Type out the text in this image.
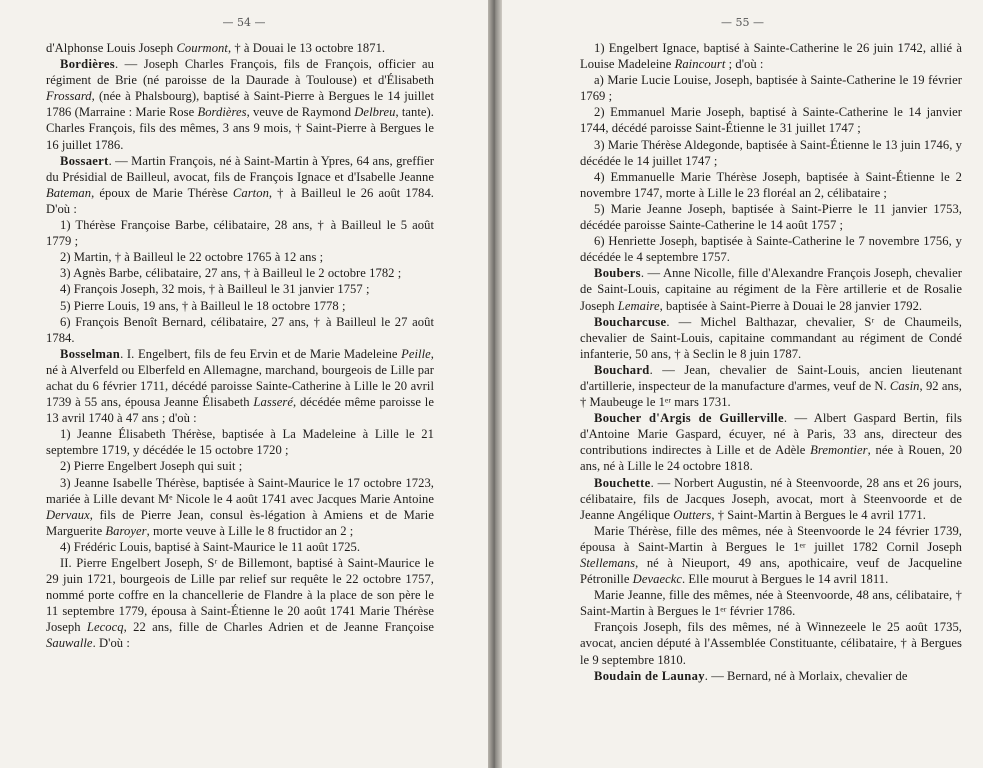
— 54 —

d'Alphonse Louis Joseph Courmont, † à Douai le 13 octobre 1871.

Bordières. — Joseph Charles François, fils de François, officier au régiment de Brie (né paroisse de la Daurade à Toulouse) et d'Élisabeth Frossard, (née à Phalsbourg), baptisé à Saint-Pierre à Bergues le 14 juillet 1786 (Marraine : Marie Rose Bordières, veuve de Raymond Delbreu, tante). Charles François, fils des mêmes, 3 ans 9 mois, † Saint-Pierre à Bergues le 16 juillet 1786.

Bossaert. — Martin François, né à Saint-Martin à Ypres, 64 ans, greffier du Présidial de Bailleul, avocat, fils de François Ignace et d'Isabelle Jeanne Bateman, époux de Marie Thérèse Carton, † à Bailleul le 26 août 1784. D'où :

1) Thérèse Françoise Barbe, célibataire, 28 ans, † à Bailleul le 5 août 1779 ;

2) Martin, † à Bailleul le 22 octobre 1765 à 12 ans ;

3) Agnès Barbe, célibataire, 27 ans, † à Bailleul le 2 octobre 1782 ;

4) François Joseph, 32 mois, † à Bailleul le 31 janvier 1757 ;

5) Pierre Louis, 19 ans, † à Bailleul le 18 octobre 1778 ;

6) François Benoît Bernard, célibataire, 27 ans, † à Bailleul le 27 août 1784.

Bosselman. I. Engelbert, fils de feu Ervin et de Marie Madeleine Peille, né à Alverfeld ou Elberfeld en Allemagne, marchand, bourgeois de Lille par achat du 6 février 1711, décédé paroisse Sainte-Catherine à Lille le 20 avril 1739 à 55 ans, épousa Jeanne Élisabeth Lasseré, décédée même paroisse le 13 avril 1740 à 47 ans ; d'où :

1) Jeanne Élisabeth Thérèse, baptisée à La Madeleine à Lille le 21 septembre 1719, y décédée le 15 octobre 1720 ;

2) Pierre Engelbert Joseph qui suit ;

3) Jeanne Isabelle Thérèse, baptisée à Saint-Maurice le 17 octobre 1723, mariée à Lille devant Mᵉ Nicole le 4 août 1741 avec Jacques Marie Antoine Dervaux, fils de Pierre Jean, consul ès-légation à Amiens et de Marie Marguerite Baroyer, morte veuve à Lille le 8 fructidor an 2 ;

4) Frédéric Louis, baptisé à Saint-Maurice le 11 août 1725.

II. Pierre Engelbert Joseph, Sʳ de Billemont, baptisé à Saint-Maurice le 29 juin 1721, bourgeois de Lille par relief sur requête le 22 octobre 1757, nommé porte coffre en la chancellerie de Flandre à la place de son père le 11 septembre 1779, épousa à Saint-Étienne le 20 août 1741 Marie Thérèse Joseph Lecocq, 22 ans, fille de Charles Adrien et de Jeanne Françoise Sauwalle. D'où :

— 55 —

1) Engelbert Ignace, baptisé à Sainte-Catherine le 26 juin 1742, allié à Louise Madeleine Raincourt ; d'où :

a) Marie Lucie Louise, Joseph, baptisée à Sainte-Catherine le 19 février 1769 ;

2) Emmanuel Marie Joseph, baptisé à Sainte-Catherine le 14 janvier 1744, décédé paroisse Saint-Étienne le 31 juillet 1747 ;

3) Marie Thérèse Aldegonde, baptisée à Saint-Étienne le 13 juin 1746, y décédée le 14 juillet 1747 ;

4) Emmanuelle Marie Thérèse Joseph, baptisée à Saint-Étienne le 2 novembre 1747, morte à Lille le 23 floréal an 2, célibataire ;

5) Marie Jeanne Joseph, baptisée à Saint-Pierre le 11 janvier 1753, décédée paroisse Sainte-Catherine le 14 août 1757 ;

6) Henriette Joseph, baptisée à Sainte-Catherine le 7 novembre 1756, y décédée le 4 septembre 1757.

Boubers. — Anne Nicolle, fille d'Alexandre François Joseph, chevalier de Saint-Louis, capitaine au régiment de la Fère artillerie et de Rosalie Joseph Lemaire, baptisée à Saint-Pierre à Douai le 28 janvier 1792.

Boucharcuse. — Michel Balthazar, chevalier, Sʳ de Chaumeils, chevalier de Saint-Louis, capitaine commandant au régiment de Condé infanterie, 50 ans, † à Seclin le 8 juin 1787.

Bouchard. — Jean, chevalier de Saint-Louis, ancien lieutenant d'artillerie, inspecteur de la manufacture d'armes, veuf de N. Casin, 92 ans, † Maubeuge le 1ᵉʳ mars 1731.

Boucher d'Argis de Guillerville. — Albert Gaspard Bertin, fils d'Antoine Marie Gaspard, écuyer, né à Paris, 33 ans, directeur des contributions indirectes à Lille et de Adèle Bremontier, née à Rouen, 20 ans, né à Lille le 24 octobre 1818.

Bouchette. — Norbert Augustin, né à Steenvoorde, 28 ans et 26 jours, célibataire, fils de Jacques Joseph, avocat, mort à Steenvoorde et de Jeanne Angélique Outters, † Saint-Martin à Bergues le 4 avril 1771.

Marie Thérèse, fille des mêmes, née à Steenvoorde le 24 février 1739, épousa à Saint-Martin à Bergues le 1ᵉʳ juillet 1782 Cornil Joseph Stellemans, né à Nieuport, 49 ans, apothicaire, veuf de Jacqueline Pétronille Devaeckc. Elle mourut à Bergues le 14 avril 1811.

Marie Jeanne, fille des mêmes, née à Steenvoorde, 48 ans, célibataire, † Saint-Martin à Bergues le 1ᵉʳ février 1786.

François Joseph, fils des mêmes, né à Winnezeele le 25 août 1735, avocat, ancien député à l'Assemblée Constituante, célibataire, † à Bergues le 9 septembre 1810.

Boudain de Launay. — Bernard, né à Morlaix, chevalier de
